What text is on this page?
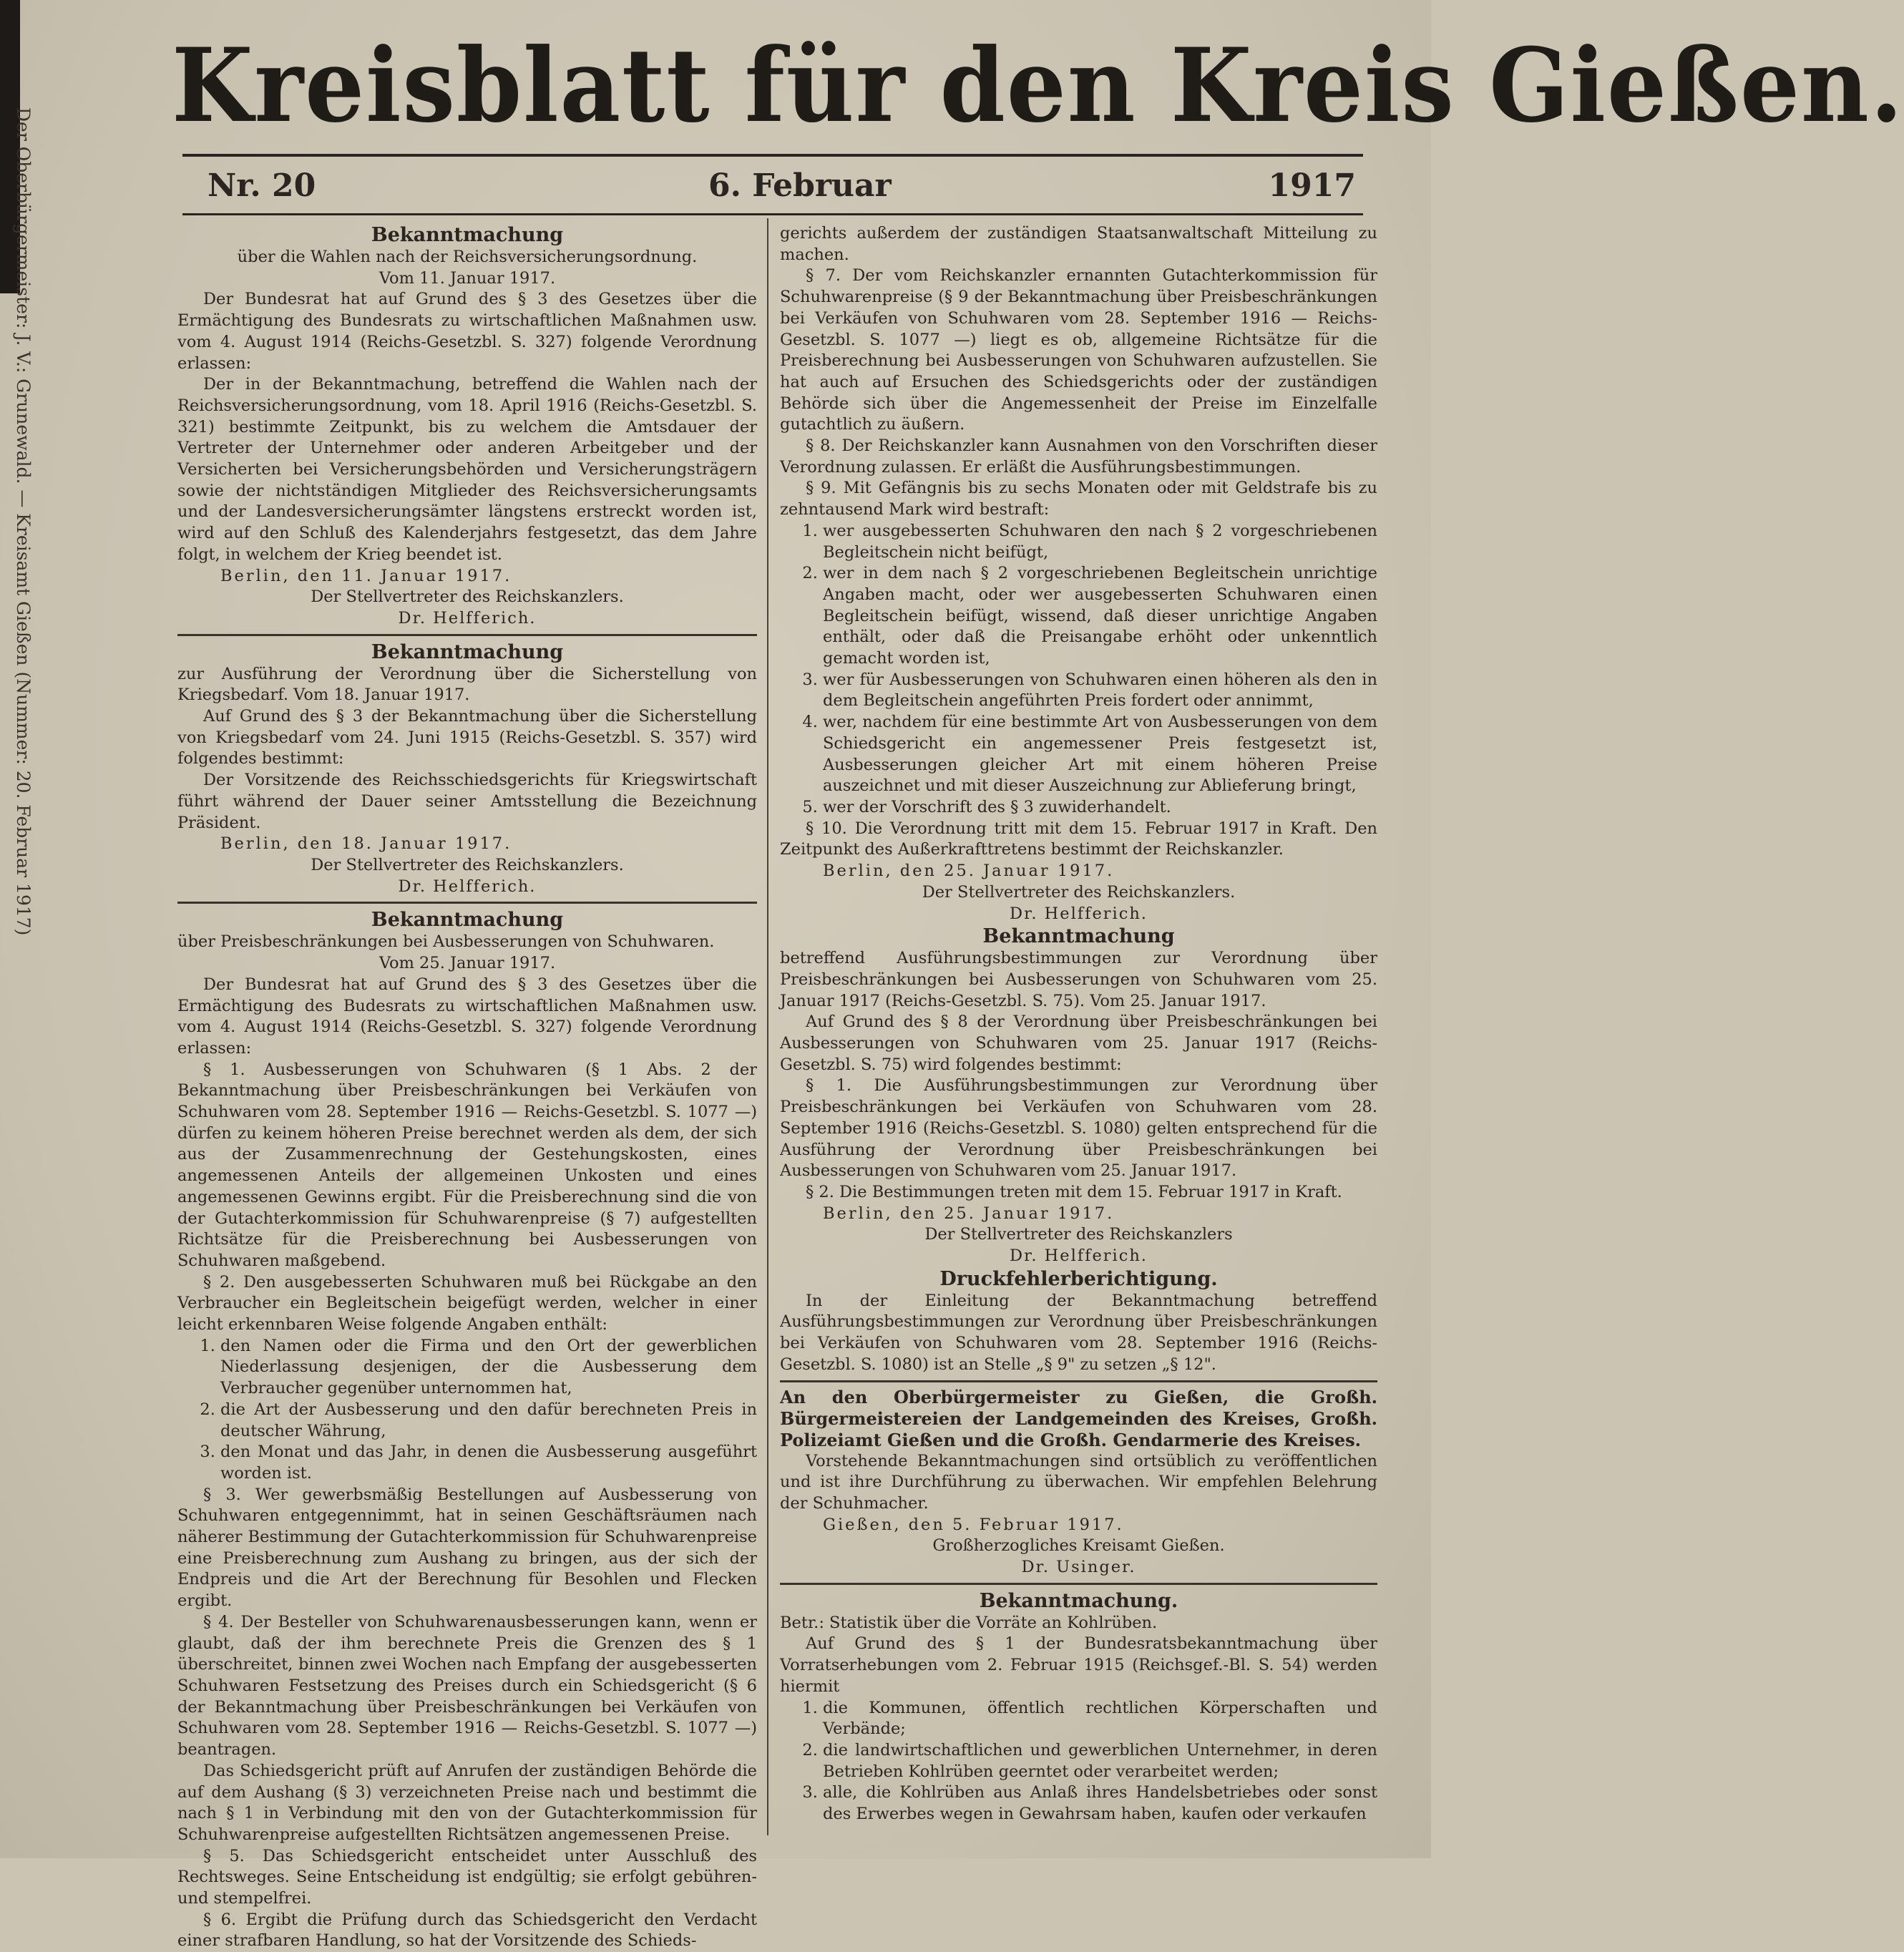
Der Oberbürgermeister: J. V.: Grunewald. — Kreisamt Gießen (Nummer: 20. Februar 1917)
Kreisblatt für den Kreis Gießen.
Nr. 20	6. Februar	1917
Bekanntmachung
über die Wahlen nach der Reichsversicherungsordnung.
Vom 11. Januar 1917.

Der Bundesrat hat auf Grund des § 3 des Gesetzes über die Ermächtigung des Bundesrats zu wirtschaftlichen Maßnahmen usw. vom 4. August 1914 (Reichs-Gesetzbl. S. 327) folgende Verordnung erlassen:

Der in der Bekanntmachung, betreffend die Wahlen nach der Reichsversicherungsordnung, vom 18. April 1916 (Reichs-Gesetzbl. S. 321) bestimmte Zeitpunkt, bis zu welchem die Amtsdauer der Vertreter der Unternehmer oder anderen Arbeitgeber und der Versicherten bei Versicherungsbehörden und Versicherungsträgern sowie der nichtständigen Mitglieder des Reichsversicherungsamts und der Landesversicherungsämter längstens erstreckt worden ist, wird auf den Schluß des Kalenderjahrs festgesetzt, das dem Jahre folgt, in welchem der Krieg beendet ist.

Berlin, den 11. Januar 1917.
Der Stellvertreter des Reichskanzlers.
Dr. Helfferich.
Bekanntmachung

zur Ausführung der Verordnung über die Sicherstellung von Kriegsbedarf. Vom 18. Januar 1917.

Auf Grund des § 3 der Bekanntmachung über die Sicherstellung von Kriegsbedarf vom 24. Juni 1915 (Reichs-Gesetzbl. S. 357) wird folgendes bestimmt:

Der Vorsitzende des Reichsschiedsgerichts für Kriegswirtschaft führt während der Dauer seiner Amtsstellung die Bezeichnung Präsident.

Berlin, den 18. Januar 1917.
Der Stellvertreter des Reichskanzlers.
Dr. Helfferich.
Bekanntmachung

über Preisbeschränkungen bei Ausbesserungen von Schuhwaren.

Vom 25. Januar 1917.

Der Bundesrat hat auf Grund des § 3 des Gesetzes über die Ermächtigung des Budesrats zu wirtschaftlichen Maßnahmen usw. vom 4. August 1914 (Reichs-Gesetzbl. S. 327) folgende Verordnung erlassen:

§ 1. Ausbesserungen von Schuhwaren (§ 1 Abs. 2 der Bekanntmachung über Preisbeschränkungen bei Verkäufen von Schuhwaren vom 28. September 1916 — Reichs-Gesetzbl. S. 1077 —) dürfen zu keinem höheren Preise berechnet werden als dem, der sich aus der Zusammenrechnung der Gestehungskosten, eines angemessenen Anteils der allgemeinen Unkosten und eines angemessenen Gewinns ergibt. Für die Preisberechnung sind die von der Gutachterkommission für Schuhwarenpreise (§ 7) aufgestellten Richtsätze für die Preisberechnung bei Ausbesserungen von Schuhwaren maßgebend.

§ 2. Den ausgebesserten Schuhwaren muß bei Rückgabe an den Verbraucher ein Begleitschein beigefügt werden, welcher in einer leicht erkennbaren Weise folgende Angaben enthält:

1. den Namen oder die Firma und den Ort der gewerblichen Niederlassung desjenigen, der die Ausbesserung dem Verbraucher gegenüber unternommen hat,
2. die Art der Ausbesserung und den dafür berechneten Preis in deutscher Währung,
3. den Monat und das Jahr, in denen die Ausbesserung ausgeführt worden ist.

§ 3. Wer gewerbsmäßig Bestellungen auf Ausbesserung von Schuhwaren entgegennimmt, hat in seinen Geschäftsräumen nach näherer Bestimmung der Gutachterkommission für Schuhwarenpreise eine Preisberechnung zum Aushang zu bringen, aus der sich der Endpreis und die Art der Berechnung für Besohlen und Flecken ergibt.

§ 4. Der Besteller von Schuhwarenausbesserungen kann, wenn er glaubt, daß der ihm berechnete Preis die Grenzen des § 1 überschreitet, binnen zwei Wochen nach Empfang der ausgebesserten Schuhwaren Festsetzung des Preises durch ein Schiedsgericht (§ 6 der Bekanntmachung über Preisbeschränkungen bei Verkäufen von Schuhwaren vom 28. September 1916 — Reichs-Gesetzbl. S. 1077 —) beantragen.

Das Schiedsgericht prüft auf Anrufen der zuständigen Behörde die auf dem Aushang (§ 3) verzeichneten Preise nach und bestimmt die nach § 1 in Verbindung mit den von der Gutachterkommission für Schuhwarenpreise aufgestellten Richtsätzen angemessenen Preise.

§ 5. Das Schiedsgericht entscheidet unter Ausschluß des Rechtsweges. Seine Entscheidung ist endgültig; sie erfolgt gebühren- und stempelfrei.

§ 6. Ergibt die Prüfung durch das Schiedsgericht den Verdacht einer strafbaren Handlung, so hat der Vorsitzende des Schieds-

gerichts außerdem der zuständigen Staatsanwaltschaft Mitteilung zu machen.

§ 7. Der vom Reichskanzler ernannten Gutachterkommission für Schuhwarenpreise (§ 9 der Bekanntmachung über Preisbeschränkungen bei Verkäufen von Schuhwaren vom 28. September 1916 — Reichs-Gesetzbl. S. 1077 —) liegt es ob, allgemeine Richtsätze für die Preisberechnung bei Ausbesserungen von Schuhwaren aufzustellen. Sie hat auch auf Ersuchen des Schiedsgerichts oder der zuständigen Behörde sich über die Angemessenheit der Preise im Einzelfalle gutachtlich zu äußern.

§ 8. Der Reichskanzler kann Ausnahmen von den Vorschriften dieser Verordnung zulassen. Er erläßt die Ausführungsbestimmungen.

§ 9. Mit Gefängnis bis zu sechs Monaten oder mit Geldstrafe bis zu zehntausend Mark wird bestraft:

1. wer ausgebesserten Schuhwaren den nach § 2 vorgeschriebenen Begleitschein nicht beifügt,
2. wer in dem nach § 2 vorgeschriebenen Begleitschein unrichtige Angaben macht, oder wer ausgebesserten Schuhwaren einen Begleitschein beifügt, wissend, daß dieser unrichtige Angaben enthält, oder daß die Preisangabe erhöht oder unkenntlich gemacht worden ist,
3. wer für Ausbesserungen von Schuhwaren einen höheren als den in dem Begleitschein angeführten Preis fordert oder annimmt,
4. wer, nachdem für eine bestimmte Art von Ausbesserungen von dem Schiedsgericht ein angemessener Preis festgesetzt ist, Ausbesserungen gleicher Art mit einem höheren Preise auszeichnet und mit dieser Auszeichnung zur Ablieferung bringt,
5. wer der Vorschrift des § 3 zuwiderhandelt.

§ 10. Die Verordnung tritt mit dem 15. Februar 1917 in Kraft. Den Zeitpunkt des Außerkrafttretens bestimmt der Reichskanzler.

Berlin, den 25. Januar 1917.
Der Stellvertreter des Reichskanzlers.
Dr. Helfferich.
Bekanntmachung

betreffend Ausführungsbestimmungen zur Verordnung über Preisbeschränkungen bei Ausbesserungen von Schuhwaren vom 25. Januar 1917 (Reichs-Gesetzbl. S. 75). Vom 25. Januar 1917.

Auf Grund des § 8 der Verordnung über Preisbeschränkungen bei Ausbesserungen von Schuhwaren vom 25. Januar 1917 (Reichs-Gesetzbl. S. 75) wird folgendes bestimmt:

§ 1. Die Ausführungsbestimmungen zur Verordnung über Preisbeschränkungen bei Verkäufen von Schuhwaren vom 28. September 1916 (Reichs-Gesetzbl. S. 1080) gelten entsprechend für die Ausführung der Verordnung über Preisbeschränkungen bei Ausbesserungen von Schuhwaren vom 25. Januar 1917.

§ 2. Die Bestimmungen treten mit dem 15. Februar 1917 in Kraft.

Berlin, den 25. Januar 1917.
Der Stellvertreter des Reichskanzlers
Dr. Helfferich.
Druckfehlerberichtigung.

In der Einleitung der Bekanntmachung betreffend Ausführungsbestimmungen zur Verordnung über Preisbeschränkungen bei Verkäufen von Schuhwaren vom 28. September 1916 (Reichs-Gesetzbl. S. 1080) ist an Stelle „§ 9" zu setzen „§ 12".

An den Oberbürgermeister zu Gießen, die Großh. Bürgermeistereien der Landgemeinden des Kreises, Großh. Polizeiamt Gießen und die Großh. Gendarmerie des Kreises.

Vorstehende Bekanntmachungen sind ortsüblich zu veröffentlichen und ist ihre Durchführung zu überwachen. Wir empfehlen Belehrung der Schuhmacher.

Gießen, den 5. Februar 1917.
Großherzogliches Kreisamt Gießen.
Dr. Usinger.
Bekanntmachung.

Betr.: Statistik über die Vorräte an Kohlrüben.

Auf Grund des § 1 der Bundesratsbekanntmachung über Vorratserhebungen vom 2. Februar 1915 (Reichsgef.-Bl. S. 54) werden hiermit

1. die Kommunen, öffentlich rechtlichen Körperschaften und Verbände;
2. die landwirtschaftlichen und gewerblichen Unternehmer, in deren Betrieben Kohlrüben geerntet oder verarbeitet werden;
3. alle, die Kohlrüben aus Anlaß ihres Handelsbetriebes oder sonst des Erwerbes wegen in Gewahrsam haben, kaufen oder verkaufen
